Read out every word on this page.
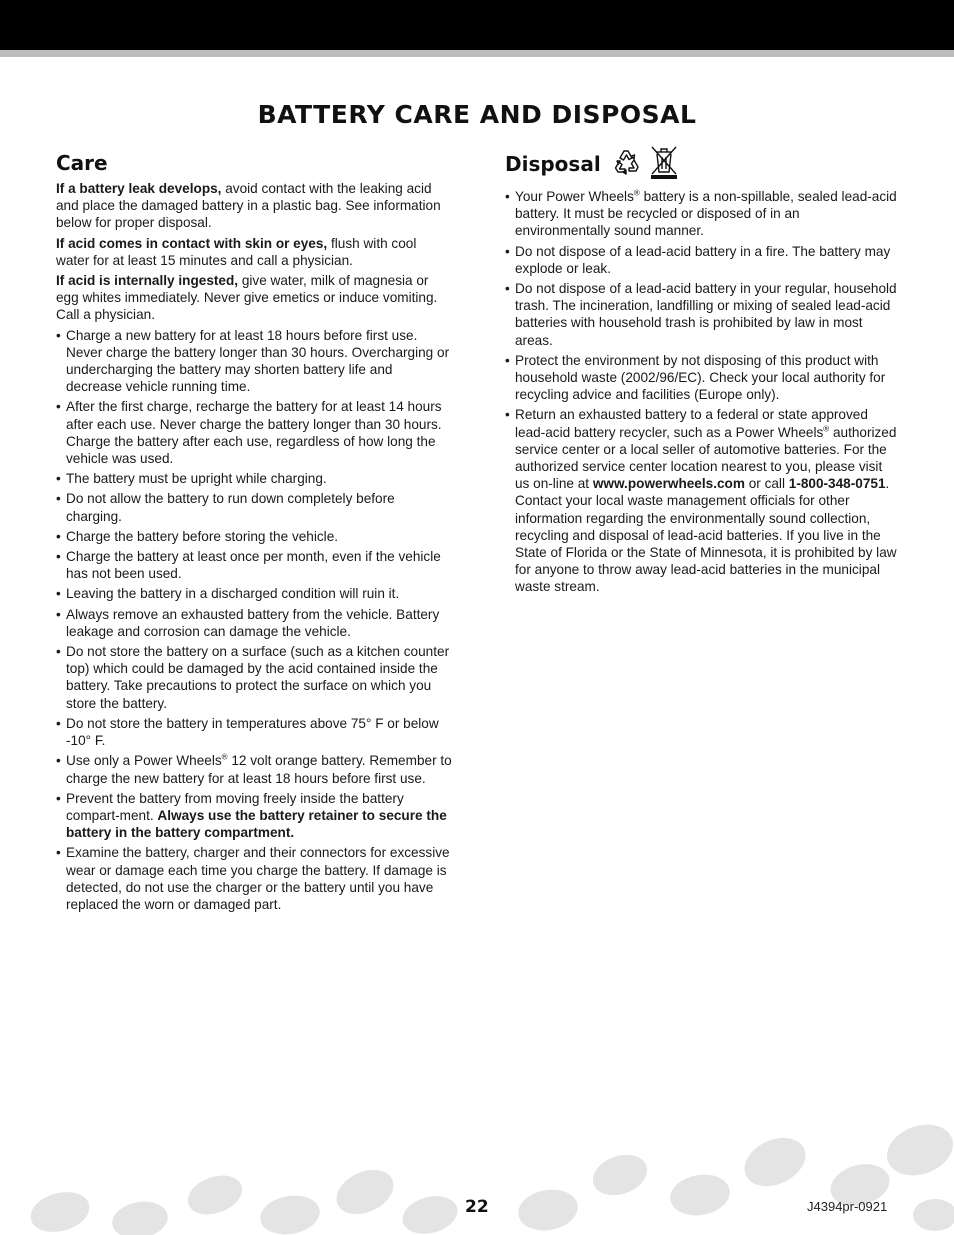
BATTERY CARE AND DISPOSAL
Care

If a battery leak develops, avoid contact with the leaking acid and place the damaged battery in a plastic bag. See information below for proper disposal.

If acid comes in contact with skin or eyes, flush with cool water for at least 15 minutes and call a physician.

If acid is internally ingested, give water, milk of magnesia or egg whites immediately. Never give emetics or induce vomiting. Call a physician.

• Charge a new battery for at least 18 hours before first use. Never charge the battery longer than 30 hours. Overcharging or undercharging the battery may shorten battery life and decrease vehicle running time.
• After the first charge, recharge the battery for at least 14 hours after each use. Never charge the battery longer than 30 hours. Charge the battery after each use, regardless of how long the vehicle was used.
• The battery must be upright while charging.
• Do not allow the battery to run down completely before charging.
• Charge the battery before storing the vehicle.
• Charge the battery at least once per month, even if the vehicle has not been used.
• Leaving the battery in a discharged condition will ruin it.
• Always remove an exhausted battery from the vehicle. Battery leakage and corrosion can damage the vehicle.
• Do not store the battery on a surface (such as a kitchen counter top) which could be damaged by the acid contained inside the battery. Take precautions to protect the surface on which you store the battery.
• Do not store the battery in temperatures above 75° F or below -10° F.
• Use only a Power Wheels® 12 volt orange battery. Remember to charge the new battery for at least 18 hours before first use.
• Prevent the battery from moving freely inside the battery compart-ment. Always use the battery retainer to secure the battery in the battery compartment.
• Examine the battery, charger and their connectors for excessive wear or damage each time you charge the battery. If damage is detected, do not use the charger or the battery until you have replaced the worn or damaged part.
Disposal
• Your Power Wheels® battery is a non-spillable, sealed lead-acid battery. It must be recycled or disposed of in an environmentally sound manner.
• Do not dispose of a lead-acid battery in a fire. The battery may explode or leak.
• Do not dispose of a lead-acid battery in your regular, household trash. The incineration, landfilling or mixing of sealed lead-acid batteries with household trash is prohibited by law in most areas.
• Protect the environment by not disposing of this product with household waste (2002/96/EC). Check your local authority for recycling advice and facilities (Europe only).
• Return an exhausted battery to a federal or state approved lead-acid battery recycler, such as a Power Wheels® authorized service center or a local seller of automotive batteries. For the authorized service center location nearest to you, please visit us on-line at www.powerwheels.com or call 1-800-348-0751. Contact your local waste management officials for other information regarding the environmentally sound collection, recycling and disposal of lead-acid batteries. If you live in the State of Florida or the State of Minnesota, it is prohibited by law for anyone to throw away lead-acid batteries in the municipal waste stream.
22	J4394pr-0921
